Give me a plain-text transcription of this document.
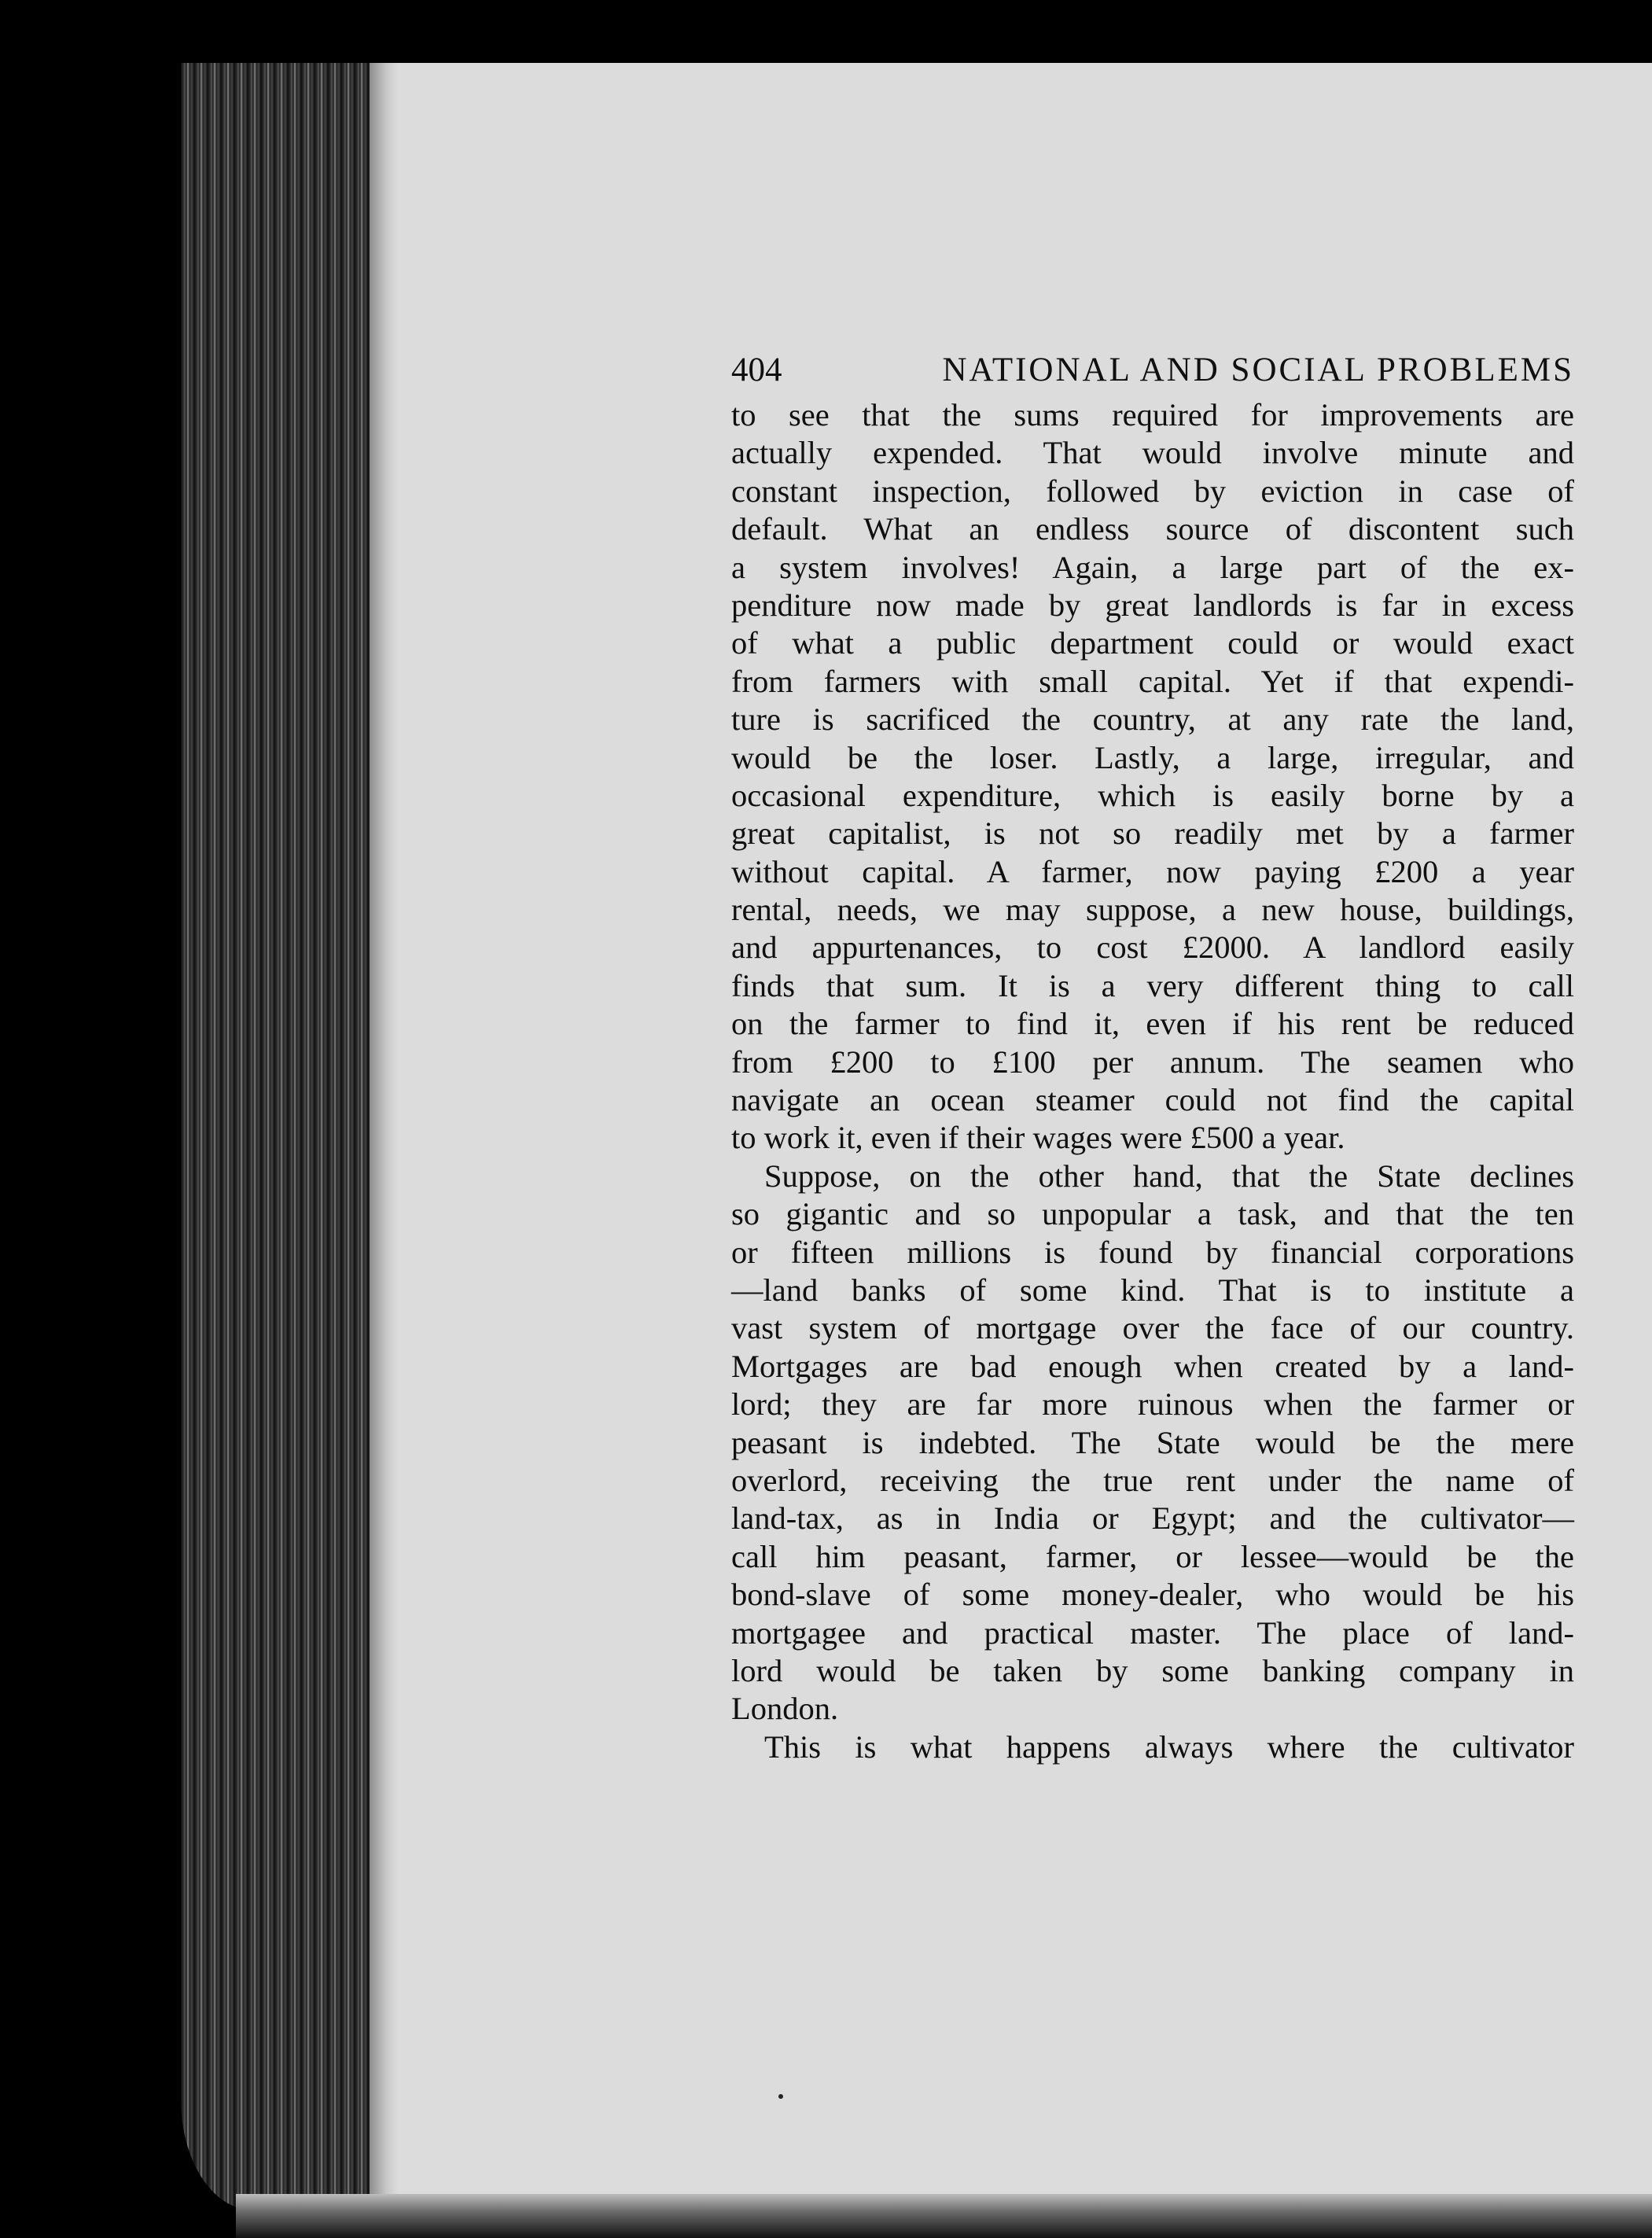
404	NATIONAL AND SOCIAL PROBLEMS
to see that the sums required for improvements are
actually expended. That would involve minute and
constant inspection, followed by eviction in case of
default. What an endless source of discontent such
a system involves! Again, a large part of the ex-
penditure now made by great landlords is far in excess
of what a public department could or would exact
from farmers with small capital. Yet if that expendi-
ture is sacrificed the country, at any rate the land,
would be the loser. Lastly, a large, irregular, and
occasional expenditure, which is easily borne by a
great capitalist, is not so readily met by a farmer
without capital. A farmer, now paying £200 a year
rental, needs, we may suppose, a new house, buildings,
and appurtenances, to cost £2000. A landlord easily
finds that sum. It is a very different thing to call
on the farmer to find it, even if his rent be reduced
from £200 to £100 per annum. The seamen who
navigate an ocean steamer could not find the capital
to work it, even if their wages were £500 a year.
Suppose, on the other hand, that the State declines
so gigantic and so unpopular a task, and that the ten
or fifteen millions is found by financial corporations
—land banks of some kind. That is to institute a
vast system of mortgage over the face of our country.
Mortgages are bad enough when created by a land-
lord; they are far more ruinous when the farmer or
peasant is indebted. The State would be the mere
overlord, receiving the true rent under the name of
land-tax, as in India or Egypt; and the cultivator—
call him peasant, farmer, or lessee—would be the
bond-slave of some money-dealer, who would be his
mortgagee and practical master. The place of land-
lord would be taken by some banking company in
London.
This is what happens always where the cultivator
